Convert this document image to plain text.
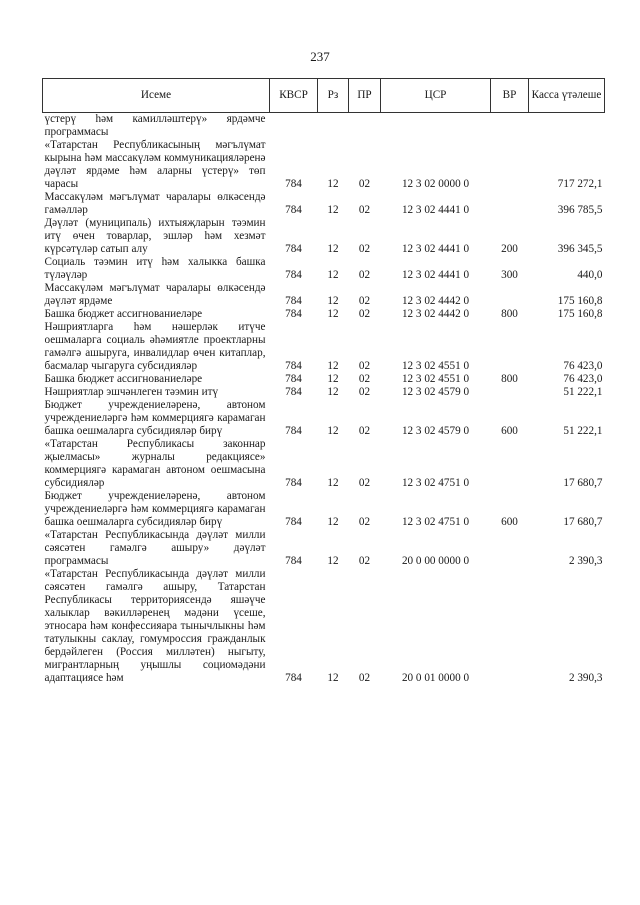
237
Исеме	КВСР	Рз	ПР	ЦСР	ВР	Касса үтәлеше
үстерү һәм камилләштерү» ярдәмче программасы						
«Татарстан Республикасының мәгълүмат кырына һәм массакүләм коммуникацияләренә дәүләт ярдәме һәм аларны үстерү» төп чарасы	784	12	02	12 3 02 0000 0		717 272,1
Массакүләм мәгълүмат чаралары өлкәсендә гамәлләр	784	12	02	12 3 02 4441 0		396 785,5
Дәүләт (муниципаль) ихтыяҗларын тәэмин итү өчен товарлар, эшләр һәм хезмәт күрсәтүләр сатып алу	784	12	02	12 3 02 4441 0	200	396 345,5
Социаль тәэмин итү һәм халыкка башка түләүләр	784	12	02	12 3 02 4441 0	300	440,0
Массакүләм мәгълүмат чаралары өлкәсендә дәүләт ярдәме	784	12	02	12 3 02 4442 0		175 160,8
Башка бюджет ассигнованиеләре	784	12	02	12 3 02 4442 0	800	175 160,8
Нәшриятларга һәм нәшерләк итүче оешмаларга социаль әһәмиятле проектларны гамәлгә ашыруга, инвалидлар өчен китаплар, басмалар чыгаруга субсидияләр	784	12	02	12 3 02 4551 0		76 423,0
Башка бюджет ассигнованиеләре	784	12	02	12 3 02 4551 0	800	76 423,0
Нәшриятлар эшчәнлеген тәэмин итү	784	12	02	12 3 02 4579 0		51 222,1
Бюджет учреждениеләренә, автоном учреждениеләргә һәм коммерциягә карамаган башка оешмаларга субсидияләр бирү	784	12	02	12 3 02 4579 0	600	51 222,1
«Татарстан Республикасы законнар җыелмасы» журналы редакциясе» коммерциягә карамаган автоном оешмасына субсидияләр	784	12	02	12 3 02 4751 0		17 680,7
Бюджет учреждениеләренә, автоном учреждениеләргә һәм коммерциягә карамаган башка оешмаларга субсидияләр бирү	784	12	02	12 3 02 4751 0	600	17 680,7
«Татарстан Республикасында дәүләт милли сәясәтен гамәлгә ашыру» дәүләт программасы	784	12	02	20 0 00 0000 0		2 390,3
«Татарстан Республикасында дәүләт милли сәясәтен гамәлгә ашыру, Татарстан Республикасы территориясендә яшәүче халыклар вәкилләренең мәдәни үсеше, этносара һәм конфессияара тынычлыкны һәм татулыкны саклау, гомумроссия гражданлык бердәйлеген (Россия милләтен) ныгыту, мигрантларның уңышлы социомәдәни адаптациясе һәм	784	12	02	20 0 01 0000 0		2 390,3
